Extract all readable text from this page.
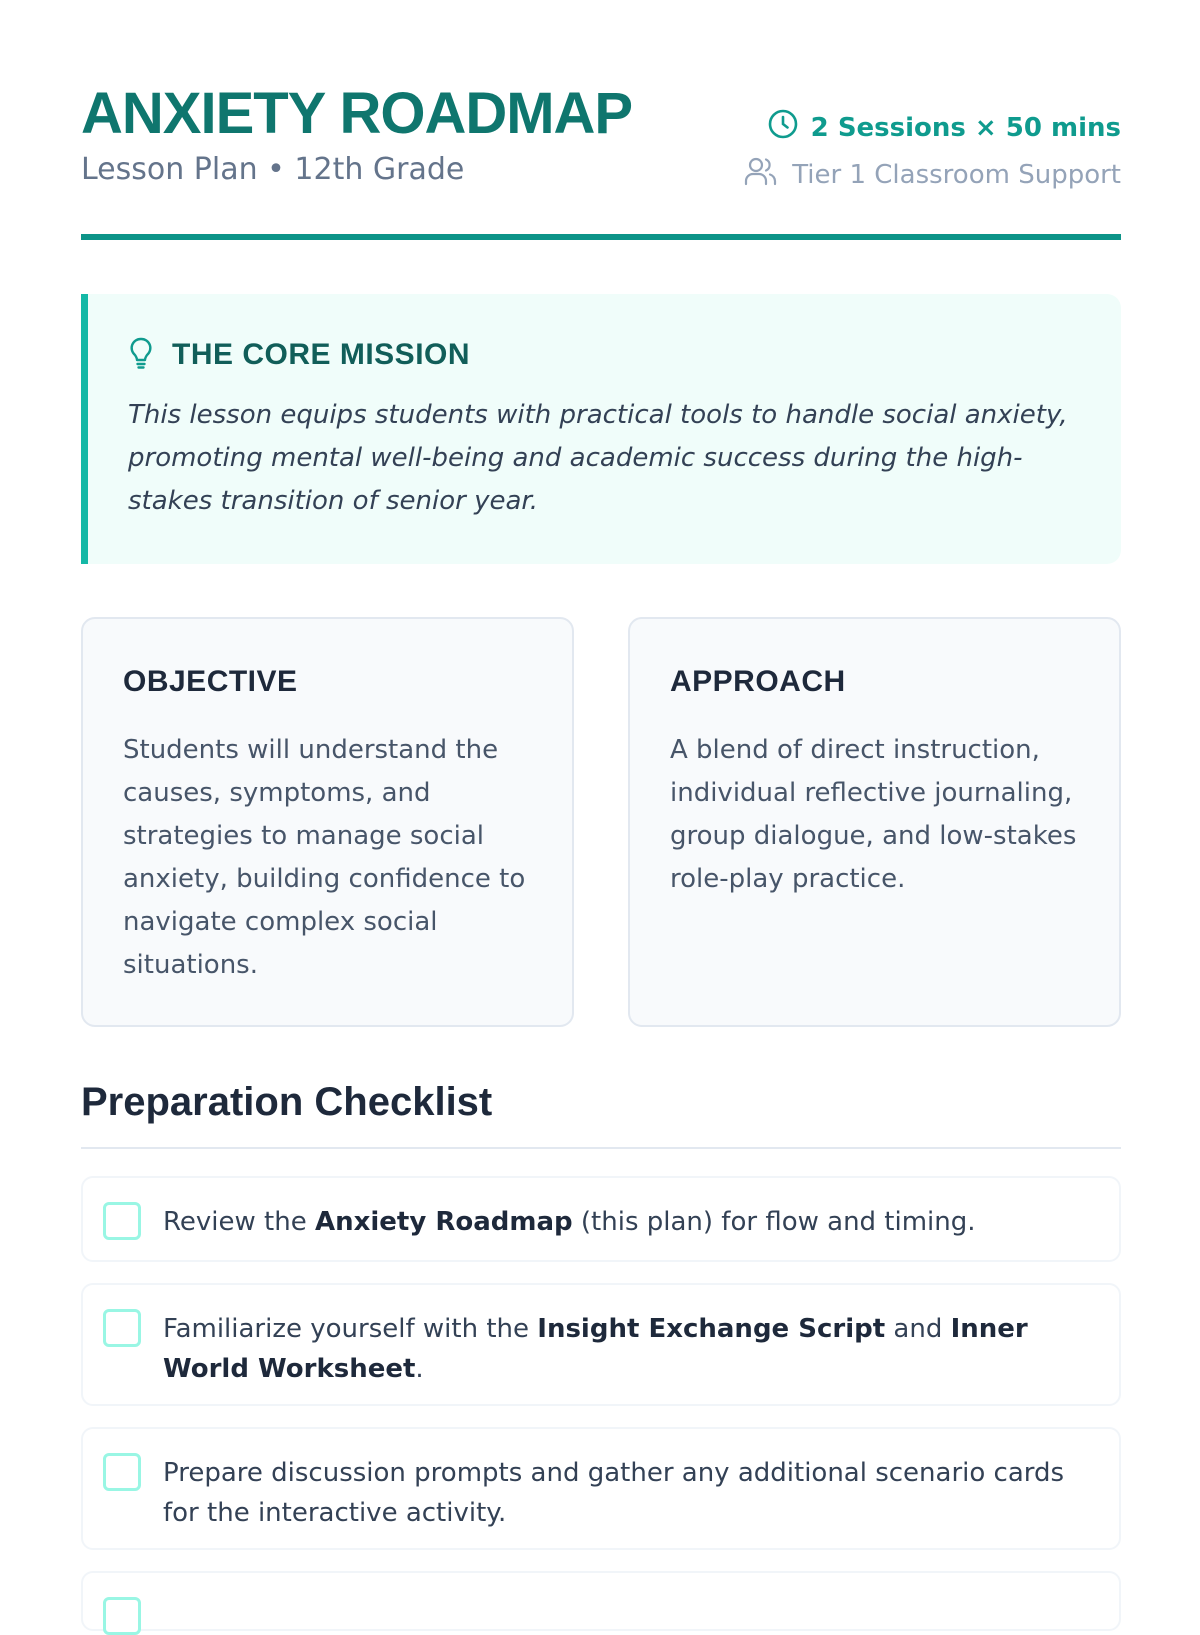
ANXIETY ROADMAP
Lesson Plan • 12th Grade
2 Sessions × 50 mins
Tier 1 Classroom Support
THE CORE MISSION
This lesson equips students with practical tools to handle social anxiety, promoting mental well-being and academic success during the high-stakes transition of senior year.
OBJECTIVE
Students will understand the causes, symptoms, and strategies to manage social anxiety, building confidence to navigate complex social situations.
APPROACH
A blend of direct instruction, individual reflective journaling, group dialogue, and low-stakes role-play practice.
Preparation Checklist
Review the Anxiety Roadmap (this plan) for flow and timing.
Familiarize yourself with the Insight Exchange Script and Inner World Worksheet.
Prepare discussion prompts and gather any additional scenario cards for the interactive activity.
